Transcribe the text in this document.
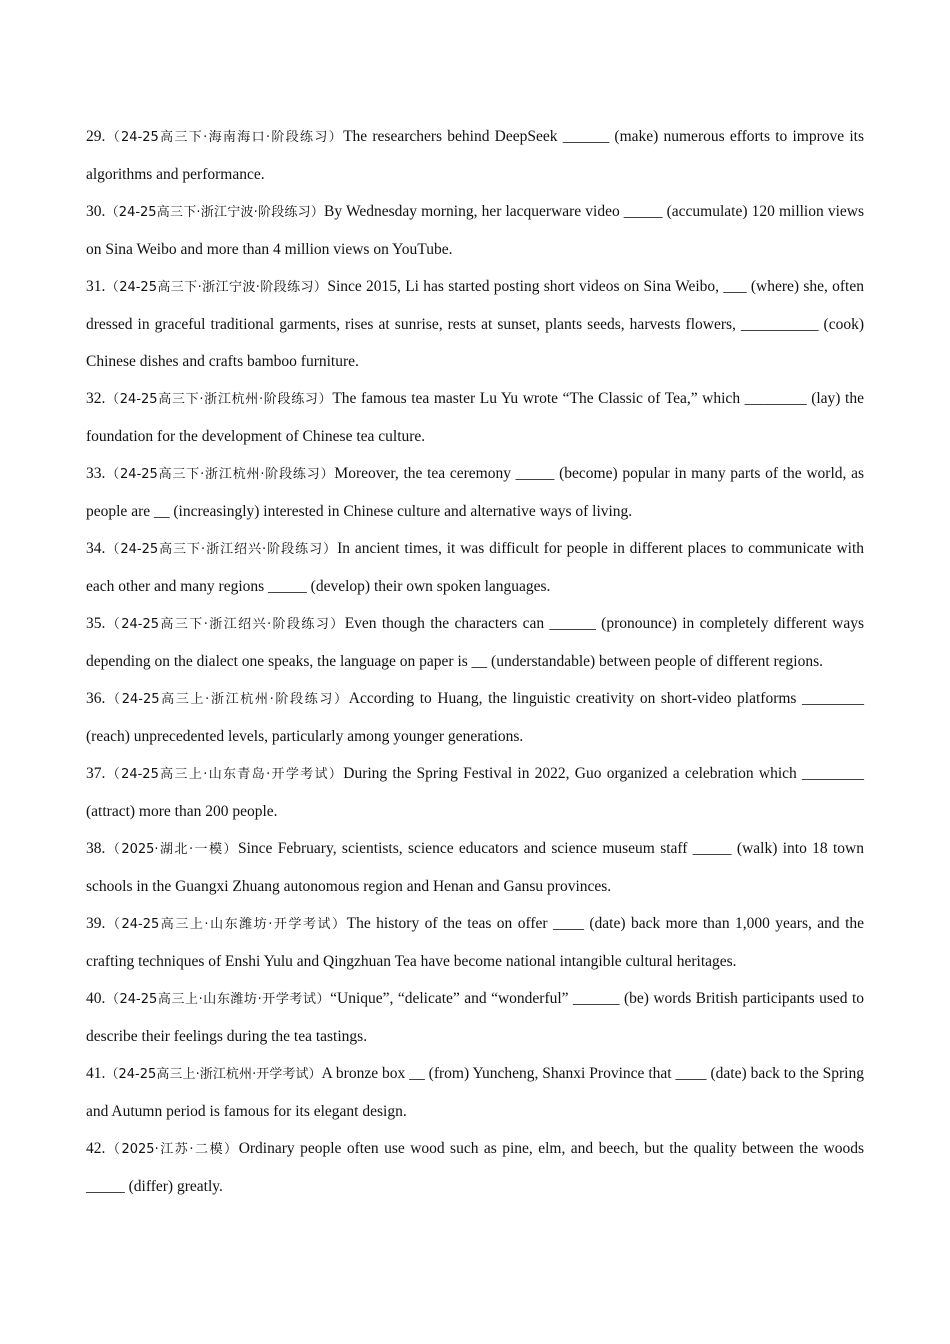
29.（24-25高三下·海南海口·阶段练习）The researchers behind DeepSeek ______ (make) numerous efforts to improve its algorithms and performance.

30.（24-25高三下·浙江宁波·阶段练习）By Wednesday morning, her lacquerware video _____ (accumulate) 120 million views on Sina Weibo and more than 4 million views on YouTube.

31.（24-25高三下·浙江宁波·阶段练习）Since 2015, Li has started posting short videos on Sina Weibo, ___ (where) she, often dressed in graceful traditional garments, rises at sunrise, rests at sunset, plants seeds, harvests flowers, __________ (cook) Chinese dishes and crafts bamboo furniture.

32.（24-25高三下·浙江杭州·阶段练习）The famous tea master Lu Yu wrote “The Classic of Tea,” which ________ (lay) the foundation for the development of Chinese tea culture.

33.（24-25高三下·浙江杭州·阶段练习）Moreover, the tea ceremony _____ (become) popular in many parts of the world, as people are __ (increasingly) interested in Chinese culture and alternative ways of living.

34.（24-25高三下·浙江绍兴·阶段练习）In ancient times, it was difficult for people in different places to communicate with each other and many regions _____ (develop) their own spoken languages.

35.（24-25高三下·浙江绍兴·阶段练习）Even though the characters can ______ (pronounce) in completely different ways depending on the dialect one speaks, the language on paper is __ (understandable) between people of different regions.

36.（24-25高三上·浙江杭州·阶段练习）According to Huang, the linguistic creativity on short-video platforms ________ (reach) unprecedented levels, particularly among younger generations.

37.（24-25高三上·山东青岛·开学考试）During the Spring Festival in 2022, Guo organized a celebration which ________ (attract) more than 200 people.

38.（2025·湖北·一模）Since February, scientists, science educators and science museum staff _____ (walk) into 18 town schools in the Guangxi Zhuang autonomous region and Henan and Gansu provinces.

39.（24-25高三上·山东潍坊·开学考试）The history of the teas on offer ____ (date) back more than 1,000 years, and the crafting techniques of Enshi Yulu and Qingzhuan Tea have become national intangible cultural heritages.

40.（24-25高三上·山东潍坊·开学考试）“Unique”, “delicate” and “wonderful” ______ (be) words British participants used to describe their feelings during the tea tastings.

41.（24-25高三上·浙江杭州·开学考试）A bronze box __ (from) Yuncheng, Shanxi Province that ____ (date) back to the Spring and Autumn period is famous for its elegant design.

42.（2025·江苏·二模）Ordinary people often use wood such as pine, elm, and beech, but the quality between the woods _____ (differ) greatly.
